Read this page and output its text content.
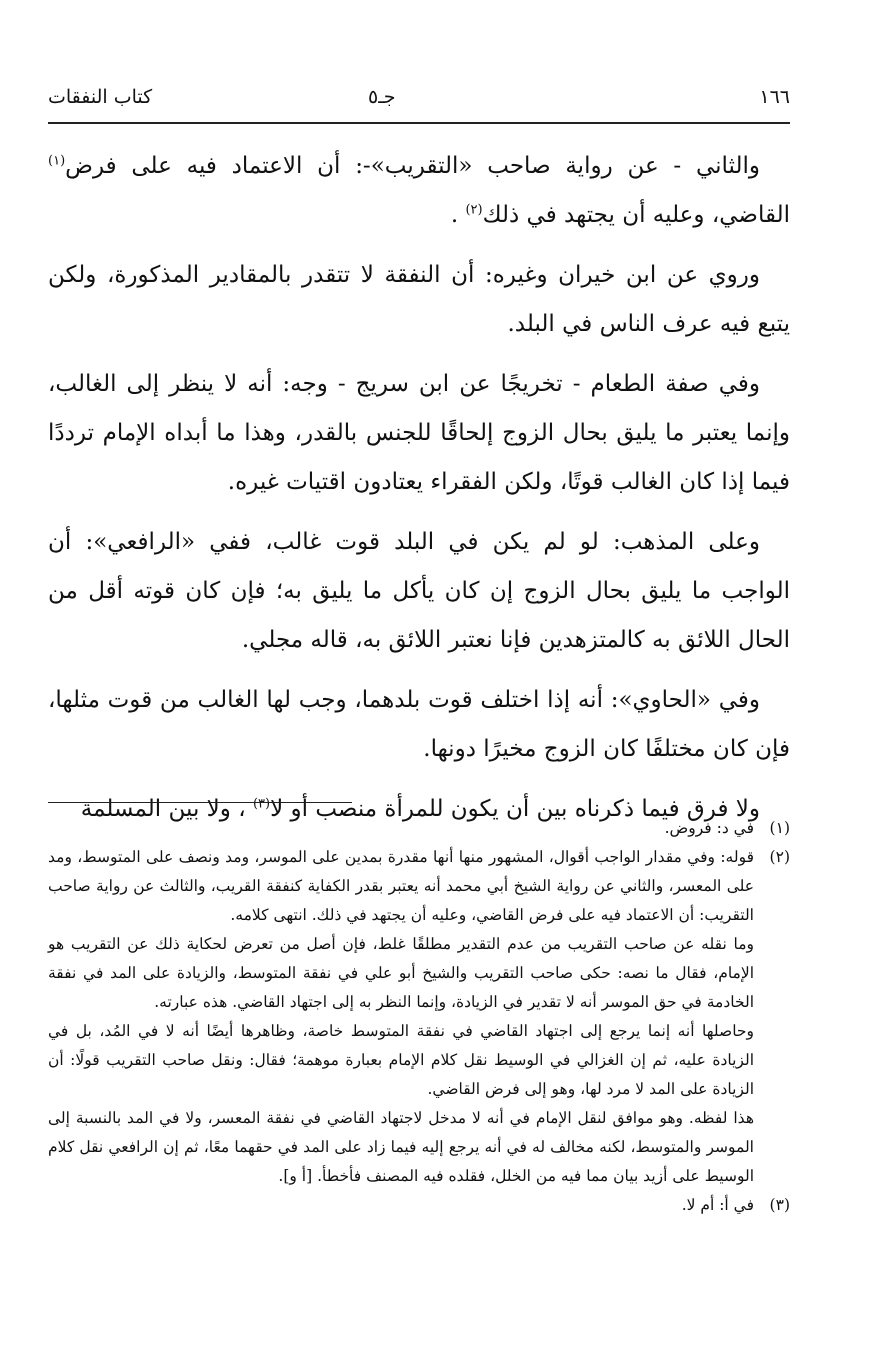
١٦٦
جـ٥
كتاب النفقات

والثاني - عن رواية صاحب «التقريب»-: أن الاعتماد فيه على فرض$^{(١)}$ القاضي، وعليه أن يجتهد في ذلك$^{(٢)}$ .

وروي عن ابن خيران وغيره: أن النفقة لا تتقدر بالمقادير المذكورة، ولكن يتبع فيه عرف الناس في البلد.

وفي صفة الطعام - تخريجًا عن ابن سريج - وجه: أنه لا ينظر إلى الغالب، وإنما يعتبر ما يليق بحال الزوج إلحاقًا للجنس بالقدر، وهذا ما أبداه الإمام ترددًا فيما إذا كان الغالب قوتًا، ولكن الفقراء يعتادون اقتيات غيره.

وعلى المذهب: لو لم يكن في البلد قوت غالب، ففي «الرافعي»: أن الواجب ما يليق بحال الزوج إن كان يأكل ما يليق به؛ فإن كان قوته أقل من الحال اللائق به كالمتزهدين فإنا نعتبر اللائق به، قاله مجلي.

وفي «الحاوي»: أنه إذا اختلف قوت بلدهما، وجب لها الغالب من قوت مثلها، فإن كان مختلفًا كان الزوج مخيرًا دونها.

ولا فرق فيما ذكرناه بين أن يكون للمرأة منصب أو لا$^{(٣)}$ ، ولا بين المسلمة

(١)

في د: فروض.

(٢)

قوله: وفي مقدار الواجب أقوال، المشهور منها أنها مقدرة بمدين على الموسر، ومد ونصف على المتوسط، ومد على المعسر، والثاني عن رواية الشيخ أبي محمد أنه يعتبر بقدر الكفاية كنفقة القريب، والثالث عن رواية صاحب التقريب: أن الاعتماد فيه على فرض القاضي، وعليه أن يجتهد في ذلك. انتهى كلامه.

وما نقله عن صاحب التقريب من عدم التقدير مطلقًا غلط، فإن أصل من تعرض لحكاية ذلك عن التقريب هو الإمام، فقال ما نصه: حكى صاحب التقريب والشيخ أبو علي في نفقة المتوسط، والزيادة على المد في نفقة الخادمة في حق الموسر أنه لا تقدير في الزيادة، وإنما النظر به إلى اجتهاد القاضي. هذه عبارته.

وحاصلها أنه إنما يرجع إلى اجتهاد القاضي في نفقة المتوسط خاصة، وظاهرها أيضًا أنه لا في المُد، بل في الزيادة عليه، ثم إن الغزالي في الوسيط نقل كلام الإمام بعبارة موهمة؛ فقال: ونقل صاحب التقريب قولًا: أن الزيادة على المد لا مرد لها، وهو إلى فرض القاضي.

هذا لفظه. وهو موافق لنقل الإمام في أنه لا مدخل لاجتهاد القاضي في نفقة المعسر، ولا في المد بالنسبة إلى الموسر والمتوسط، لكنه مخالف له في أنه يرجع إليه فيما زاد على المد في حقهما معًا، ثم إن الرافعي نقل كلام الوسيط على أزيد بيان مما فيه من الخلل، فقلده فيه المصنف فأخطأ. [أ و].

(٣)

في أ: أم لا.
